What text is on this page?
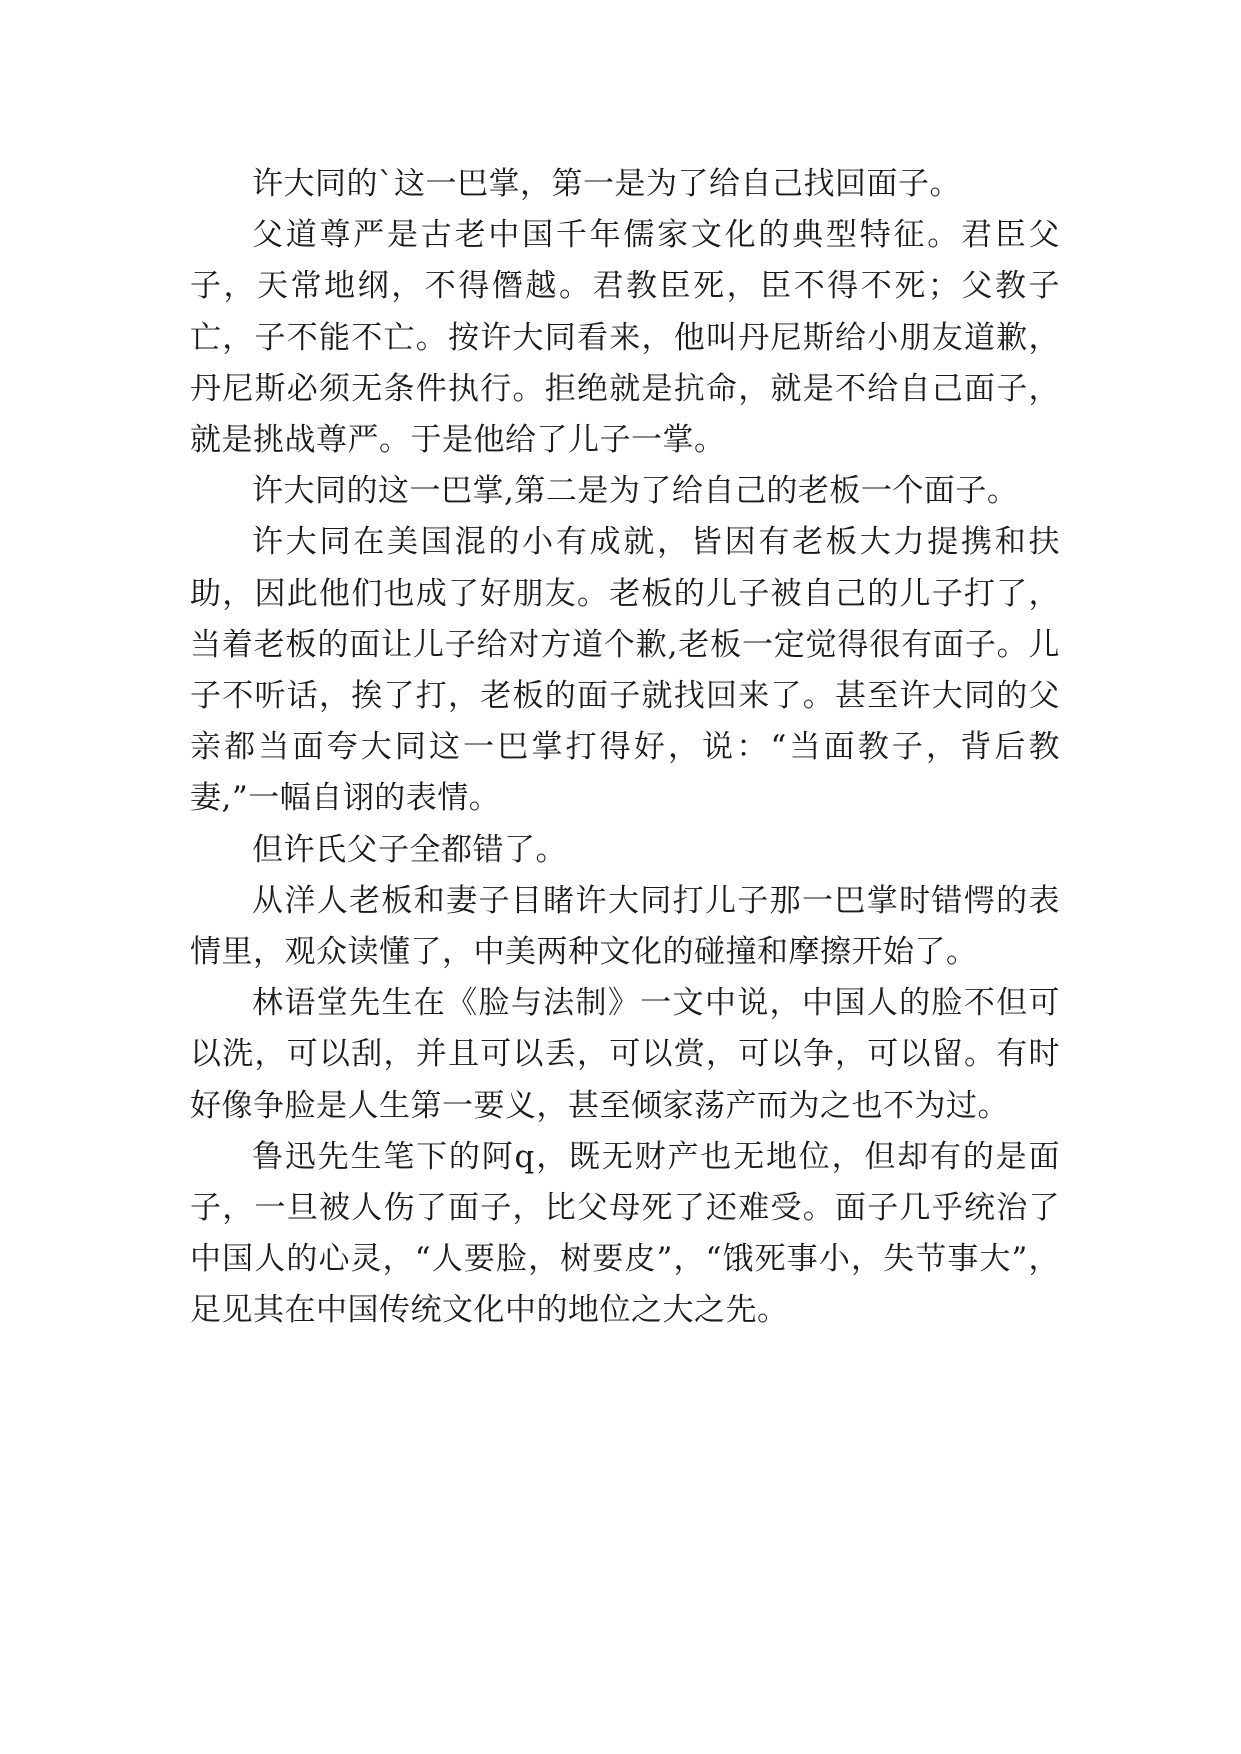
许大同的`这一巴掌，第一是为了给自己找回面子。

父道尊严是古老中国千年儒家文化的典型特征。君臣父子，天常地纲，不得僭越。君教臣死，臣不得不死；父教子亡，子不能不亡。按许大同看来，他叫丹尼斯给小朋友道歉，丹尼斯必须无条件执行。拒绝就是抗命，就是不给自己面子，就是挑战尊严。于是他给了儿子一掌。

许大同的这一巴掌,第二是为了给自己的老板一个面子。

许大同在美国混的小有成就，皆因有老板大力提携和扶助，因此他们也成了好朋友。老板的儿子被自己的儿子打了，当着老板的面让儿子给对方道个歉,老板一定觉得很有面子。儿子不听话，挨了打，老板的面子就找回来了。甚至许大同的父亲都当面夸大同这一巴掌打得好，说：“当面教子，背后教妻,”一幅自诩的表情。

但许氏父子全都错了。

从洋人老板和妻子目睹许大同打儿子那一巴掌时错愕的表情里，观众读懂了，中美两种文化的碰撞和摩擦开始了。

林语堂先生在《脸与法制》一文中说，中国人的脸不但可以洗，可以刮，并且可以丢，可以赏，可以争，可以留。有时好像争脸是人生第一要义，甚至倾家荡产而为之也不为过。

鲁迅先生笔下的阿q，既无财产也无地位，但却有的是面子，一旦被人伤了面子，比父母死了还难受。面子几乎统治了中国人的心灵，“人要脸，树要皮”，“饿死事小，失节事大”，足见其在中国传统文化中的地位之大之先。
